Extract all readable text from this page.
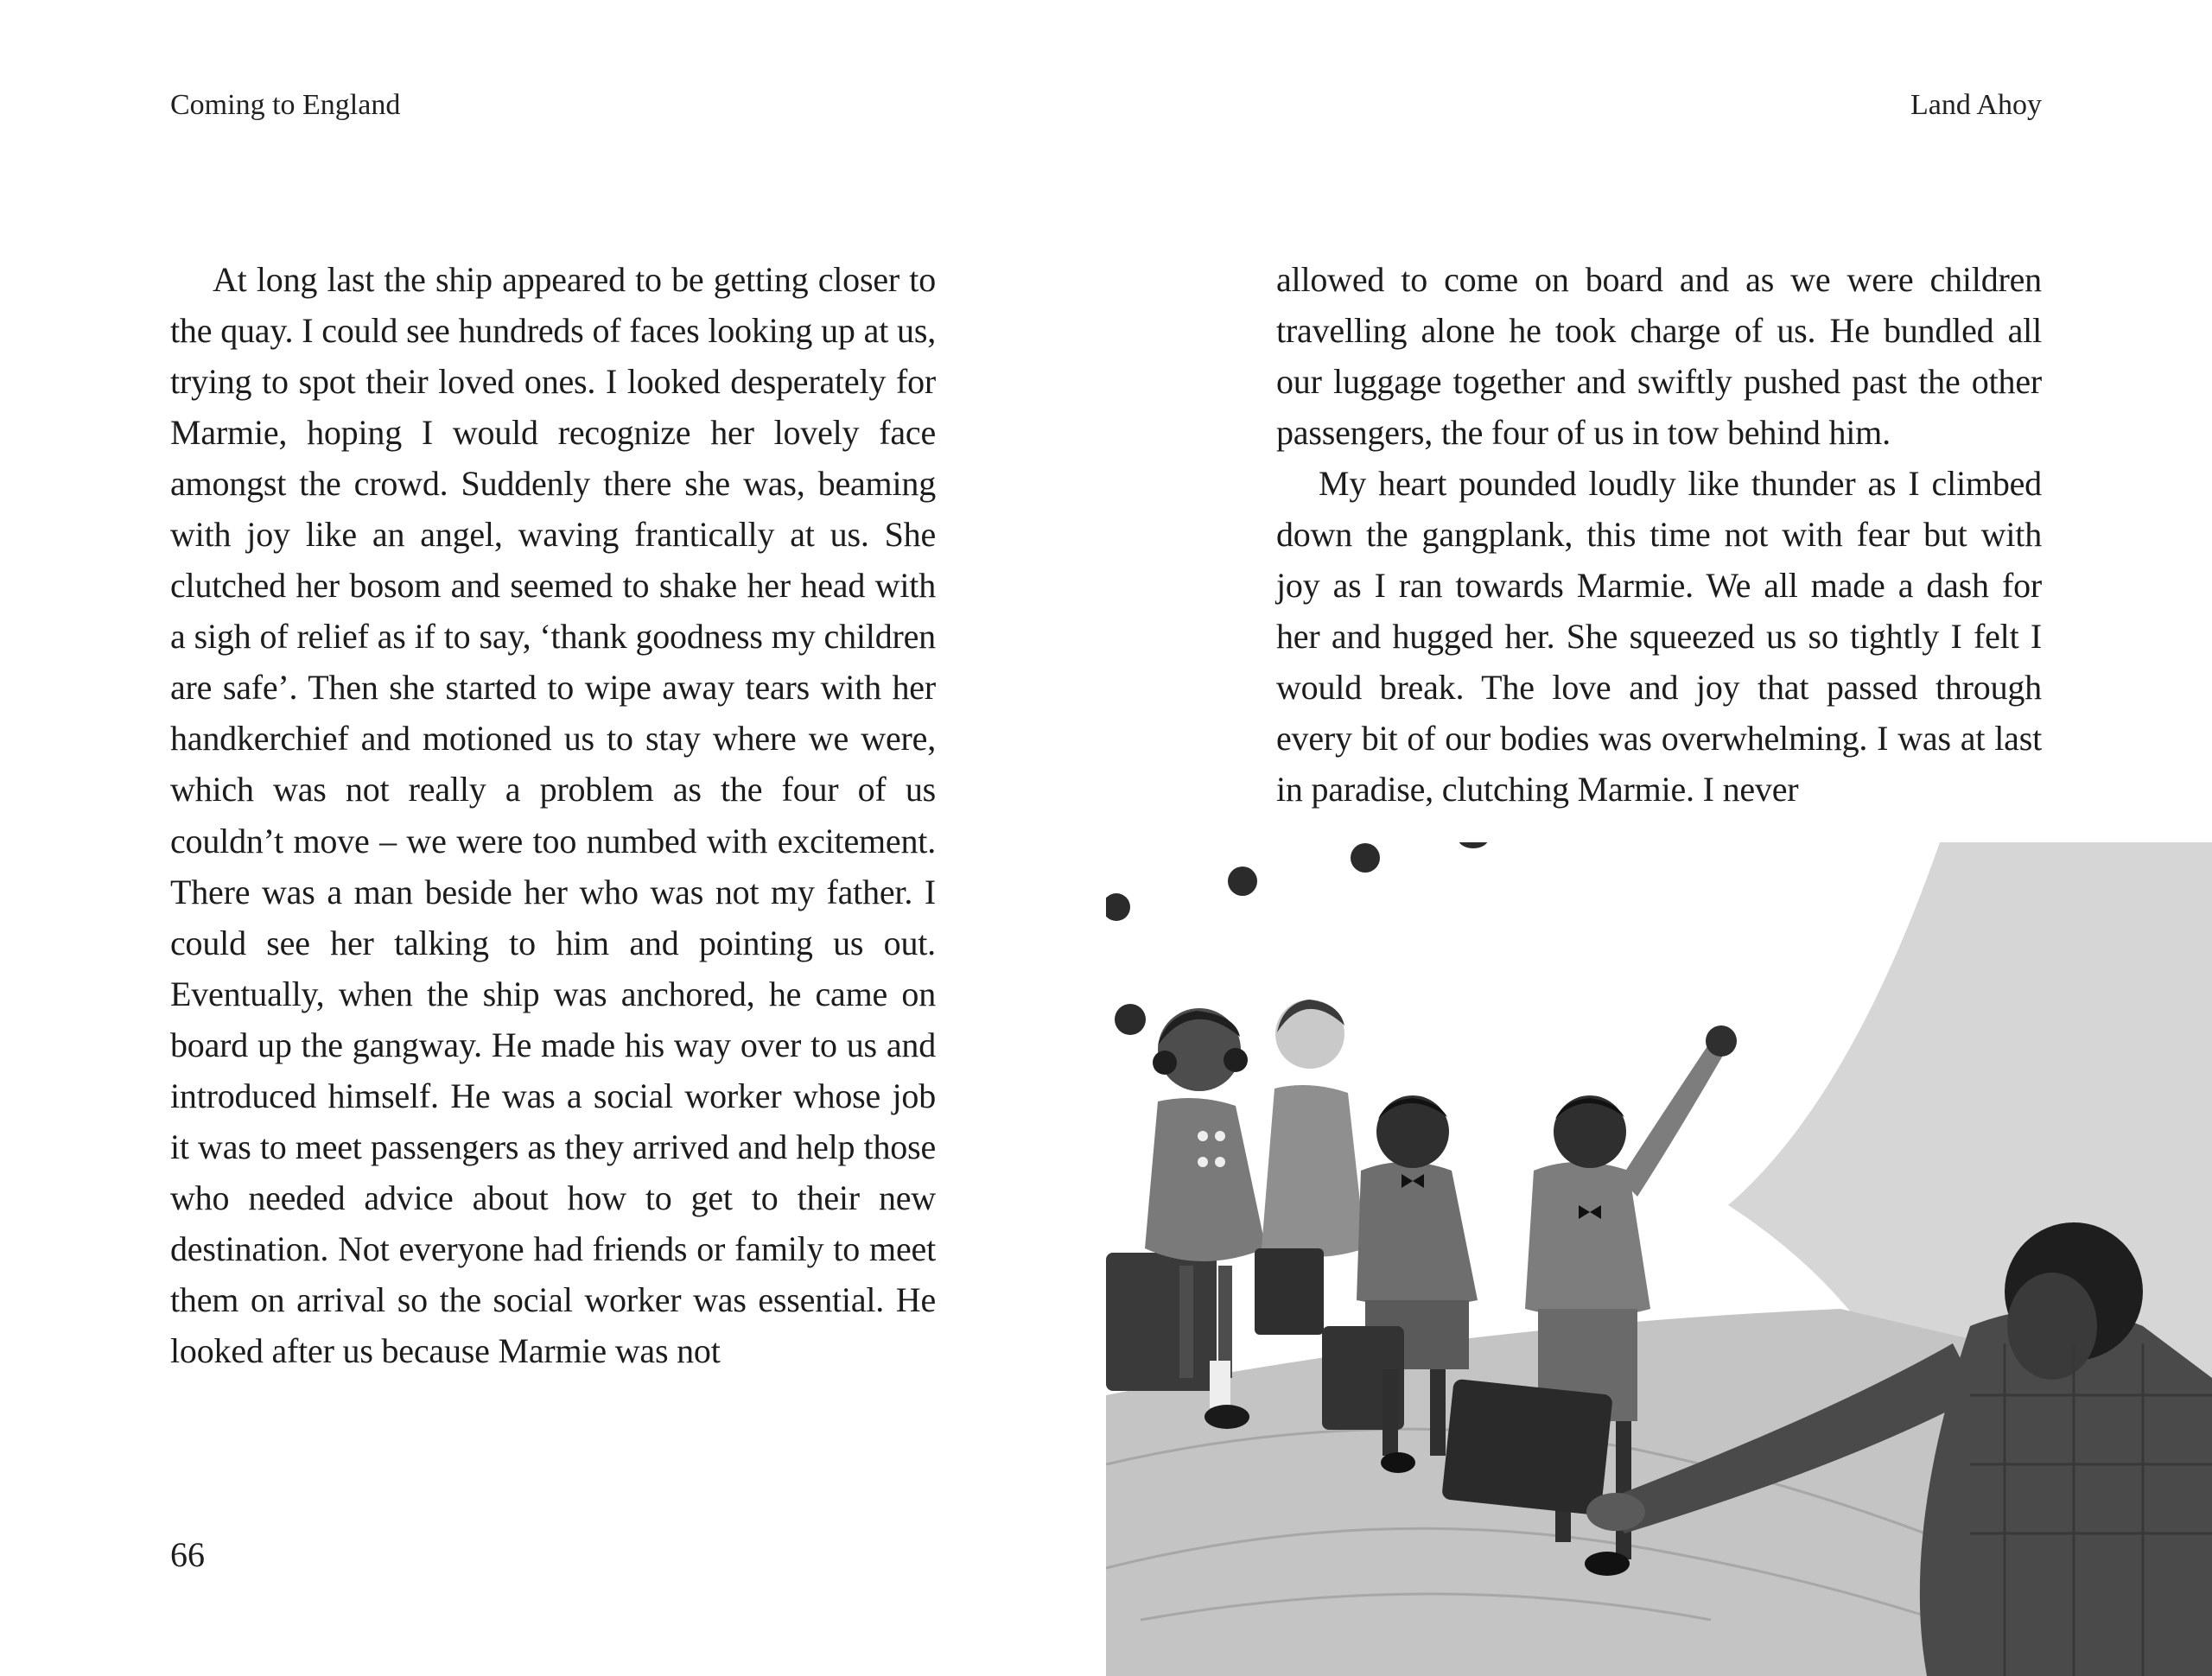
Coming to England

At long last the ship appeared to be getting closer to the quay. I could see hundreds of faces looking up at us, trying to spot their loved ones. I looked desperately for Marmie, hoping I would recognize her lovely face amongst the crowd. Suddenly there she was, beaming with joy like an angel, waving frantically at us. She clutched her bosom and seemed to shake her head with a sigh of relief as if to say, ‘thank goodness my children are safe’. Then she started to wipe away tears with her handkerchief and motioned us to stay where we were, which was not really a problem as the four of us couldn’t move – we were too numbed with excitement. There was a man beside her who was not my father. I could see her talking to him and pointing us out. Eventually, when the ship was anchored, he came on board up the gangway. He made his way over to us and introduced himself. He was a social worker whose job it was to meet passengers as they arrived and help those who needed advice about how to get to their new destination. Not everyone had friends or family to meet them on arrival so the social worker was essential. He looked after us because Marmie was not

66
Land Ahoy

allowed to come on board and as we were children travelling alone he took charge of us. He bundled all our luggage together and swiftly pushed past the other passengers, the four of us in tow behind him.

My heart pounded loudly like thunder as I climbed down the gangplank, this time not with fear but with joy as I ran towards Marmie. We all made a dash for her and hugged her. She squeezed us so tightly I felt I would break. The love and joy that passed through every bit of our bodies was overwhelming. I was at last in paradise, clutching Marmie. I never
